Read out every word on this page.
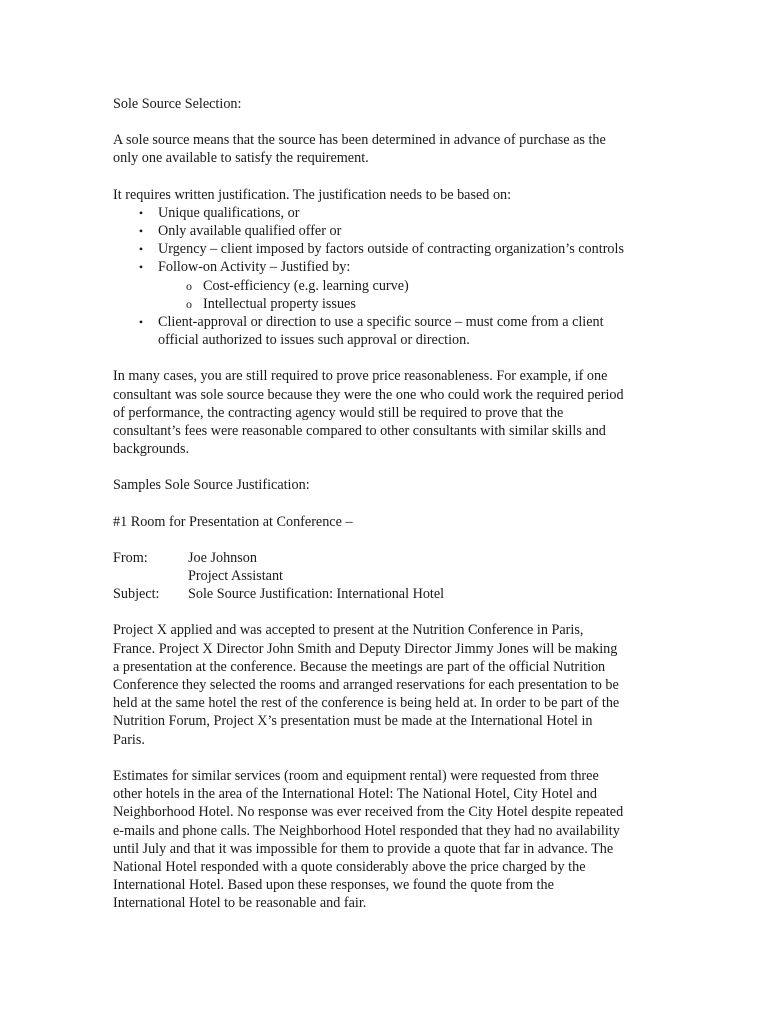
Sole Source Selection:

A sole source means that the source has been determined in advance of purchase as the

only one available to satisfy the requirement.

It requires written justification. The justification needs to be based on:

• Unique qualifications, or
• Only available qualified offer or
• Urgency – client imposed by factors outside of contracting organization’s controls
• Follow-on Activity – Justified by:
o Cost-efficiency (e.g. learning curve)
o Intellectual property issues
• Client-approval or direction to use a specific source – must come from a client
official authorized to issues such approval or direction.

In many cases, you are still required to prove price reasonableness. For example, if one

consultant was sole source because they were the one who could work the required period

of performance, the contracting agency would still be required to prove that the

consultant’s fees were reasonable compared to other consultants with similar skills and

backgrounds.

Samples Sole Source Justification:

#1 Room for Presentation at Conference –

From:	Joe Johnson
Project Assistant
Subject:	Sole Source Justification: International Hotel

Project X applied and was accepted to present at the Nutrition Conference in Paris,

France. Project X Director John Smith and Deputy Director Jimmy Jones will be making

a presentation at the conference. Because the meetings are part of the official Nutrition

Conference they selected the rooms and arranged reservations for each presentation to be

held at the same hotel the rest of the conference is being held at. In order to be part of the

Nutrition Forum, Project X’s presentation must be made at the International Hotel in

Paris.

Estimates for similar services (room and equipment rental) were requested from three

other hotels in the area of the International Hotel: The National Hotel, City Hotel and

Neighborhood Hotel. No response was ever received from the City Hotel despite repeated

e-mails and phone calls. The Neighborhood Hotel responded that they had no availability

until July and that it was impossible for them to provide a quote that far in advance. The

National Hotel responded with a quote considerably above the price charged by the

International Hotel. Based upon these responses, we found the quote from the

International Hotel to be reasonable and fair.
